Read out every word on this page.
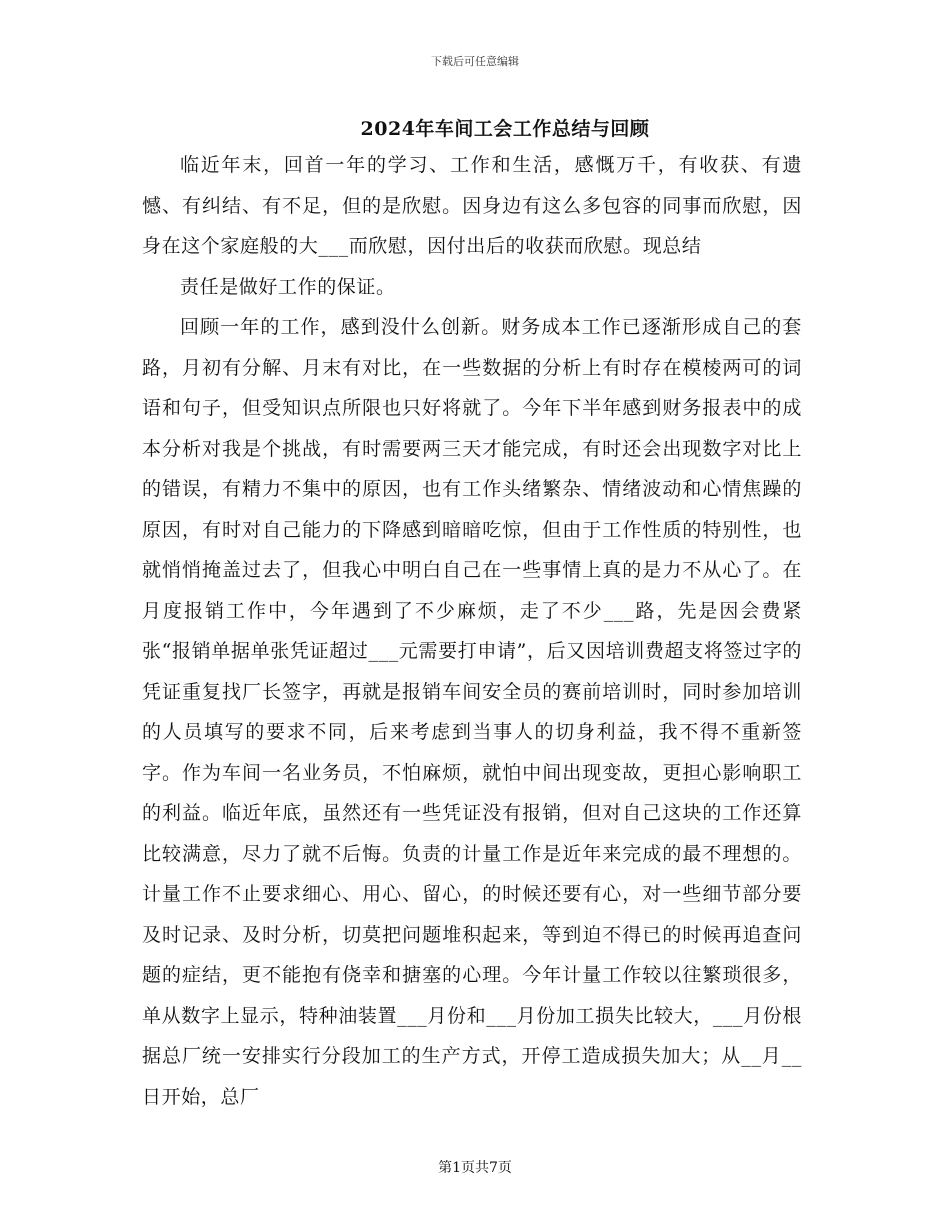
下载后可任意编辑
2024年车间工会工作总结与回顾

临近年末，回首一年的学习、工作和生活，感慨万千，有收获、有遗憾、有纠结、有不足，但的是欣慰。因身边有这么多包容的同事而欣慰，因身在这个家庭般的大___而欣慰，因付出后的收获而欣慰。现总结

责任是做好工作的保证。

回顾一年的工作，感到没什么创新。财务成本工作已逐渐形成自己的套路，月初有分解、月末有对比，在一些数据的分析上有时存在模棱两可的词语和句子，但受知识点所限也只好将就了。今年下半年感到财务报表中的成本分析对我是个挑战，有时需要两三天才能完成，有时还会出现数字对比上的错误，有精力不集中的原因，也有工作头绪繁杂、情绪波动和心情焦躁的原因，有时对自己能力的下降感到暗暗吃惊，但由于工作性质的特别性，也就悄悄掩盖过去了，但我心中明白自己在一些事情上真的是力不从心了。在月度报销工作中，今年遇到了不少麻烦，走了不少___路，先是因会费紧张“报销单据单张凭证超过___元需要打申请”，后又因培训费超支将签过字的凭证重复找厂长签字，再就是报销车间安全员的赛前培训时，同时参加培训的人员填写的要求不同，后来考虑到当事人的切身利益，我不得不重新签字。作为车间一名业务员，不怕麻烦，就怕中间出现变故，更担心影响职工的利益。临近年底，虽然还有一些凭证没有报销，但对自己这块的工作还算比较满意，尽力了就不后悔。负责的计量工作是近年来完成的最不理想的。计量工作不止要求细心、用心、留心，的时候还要有心，对一些细节部分要及时记录、及时分析，切莫把问题堆积起来，等到迫不得已的时候再追查问题的症结，更不能抱有侥幸和搪塞的心理。今年计量工作较以往繁琐很多，单从数字上显示，特种油装置___月份和___月份加工损失比较大，___月份根据总厂统一安排实行分段加工的生产方式，开停工造成损失加大；从__月__日开始，总厂

第1页共7页
